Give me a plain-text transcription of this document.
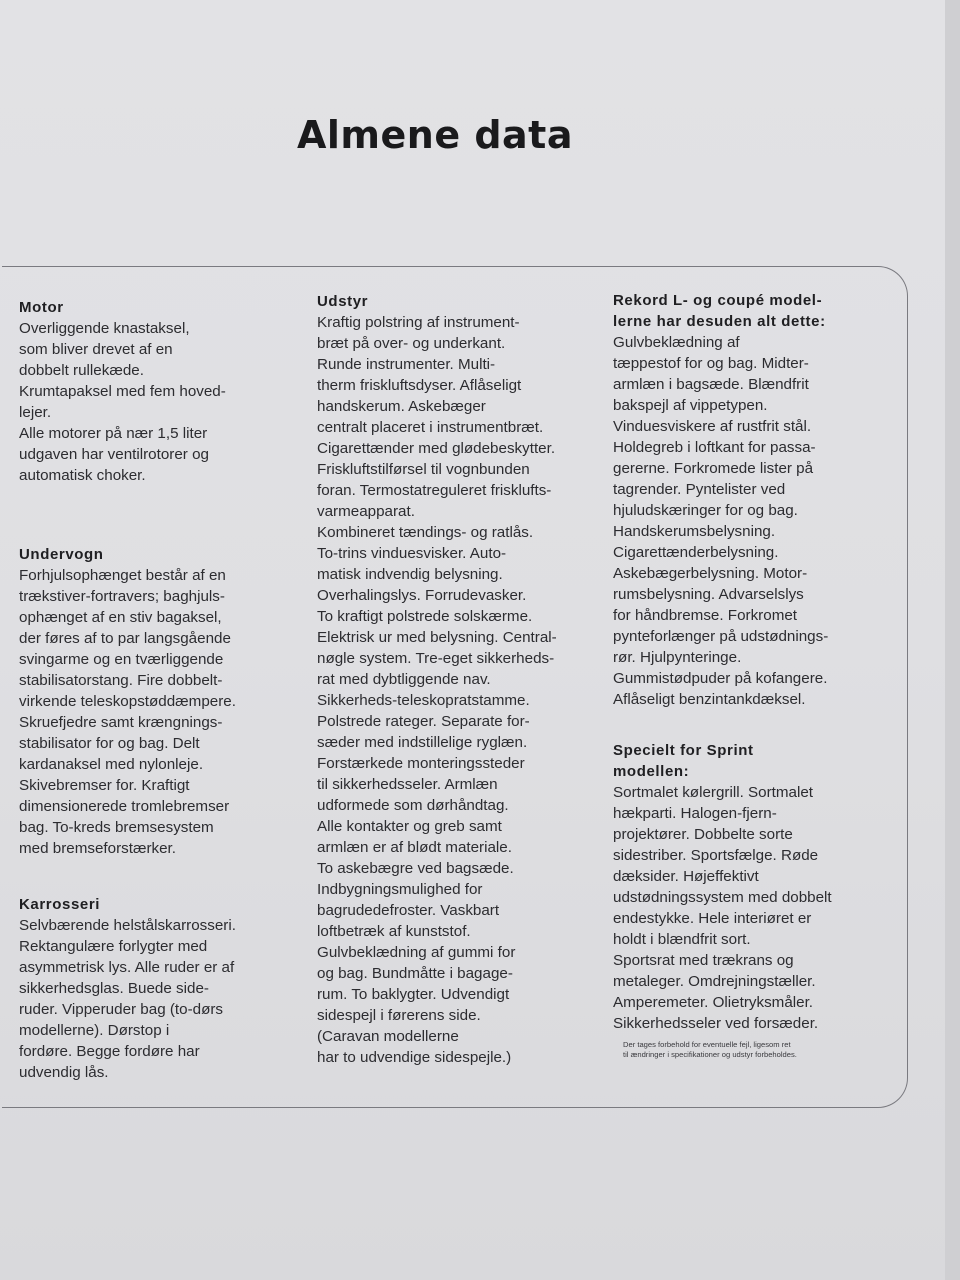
Almene data
Motor
Overliggende knastaksel,
som bliver drevet af en
dobbelt rullekæde.
Krumtapaksel med fem hoved-
lejer.
Alle motorer på nær 1,5 liter
udgaven har ventilrotorer og
automatisk choker.
Undervogn
Forhjulsophænget består af en
trækstiver-fortravers; baghjuls-
ophænget af en stiv bagaksel,
der føres af to par langsgående
svingarme og en tværliggende
stabilisatorstang. Fire dobbelt-
virkende teleskopstøddæmpere.
Skruefjedre samt krængnings-
stabilisator for og bag. Delt
kardanaksel med nylonleje.
Skivebremser for. Kraftigt
dimensionerede tromlebremser
bag. To-kreds bremsesystem
med bremseforstærker.
Karrosseri
Selvbærende helstålskarrosseri.
Rektangulære forlygter med
asymmetrisk lys. Alle ruder er af
sikkerhedsglas. Buede side-
ruder. Vipperuder bag (to-dørs
modellerne). Dørstop i
fordøre. Begge fordøre har
udvendig lås.
Udstyr
Kraftig polstring af instrument-
bræt på over- og underkant.
Runde instrumenter. Multi-
therm friskluftsdyser. Aflåseligt
handskerum. Askebæger
centralt placeret i instrumentbræt.
Cigarettænder med glødebeskytter.
Friskluftstilførsel til vognbunden
foran. Termostatreguleret frisklufts-
varmeapparat.
Kombineret tændings- og ratlås.
To-trins vinduesvisker. Auto-
matisk indvendig belysning.
Overhalingslys. Forrudevasker.
To kraftigt polstrede solskærme.
Elektrisk ur med belysning. Central-
nøgle system. Tre-eget sikkerheds-
rat med dybtliggende nav.
Sikkerheds-teleskopratstamme.
Polstrede rateger. Separate for-
sæder med indstillelige ryglæn.
Forstærkede monteringssteder
til sikkerhedsseler. Armlæn
udformede som dørhåndtag.
Alle kontakter og greb samt
armlæn er af blødt materiale.
To askebægre ved bagsæde.
Indbygningsmulighed for
bagrudedefroster. Vaskbart
loftbetræk af kunststof.
Gulvbeklædning af gummi for
og bag. Bundmåtte i bagage-
rum. To baklygter. Udvendigt
sidespejl i førerens side.
(Caravan modellerne
har to udvendige sidespejle.)
Rekord L- og coupé model-
lerne har desuden alt dette:
Gulvbeklædning af
tæppestof for og bag. Midter-
armlæn i bagsæde. Blændfrit
bakspejl af vippetypen.
Vinduesviskere af rustfrit stål.
Holdegreb i loftkant for passa-
gererne. Forkromede lister på
tagrender. Pyntelister ved
hjuludskæringer for og bag.
Handskerumsbelysning.
Cigarettænderbelysning.
Askebægerbelysning. Motor-
rumsbelysning. Advarselslys
for håndbremse. Forkromet
pynteforlænger på udstødnings-
rør. Hjulpynteringe.
Gummistødpuder på kofangere.
Aflåseligt benzintankdæksel.
Specielt for Sprint
modellen:
Sortmalet kølergrill. Sortmalet
hækparti. Halogen-fjern-
projektører. Dobbelte sorte
sidestriber. Sportsfælge. Røde
dæksider. Højeffektivt
udstødningssystem med dobbelt
endestykke. Hele interiøret er
holdt i blændfrit sort.
Sportsrat med trækrans og
metaleger. Omdrejningstæller.
Amperemeter. Olietryksmåler.
Sikkerhedsseler ved forsæder.
Der tages forbehold for eventuelle fejl, ligesom ret
til ændringer i specifikationer og udstyr forbeholdes.
